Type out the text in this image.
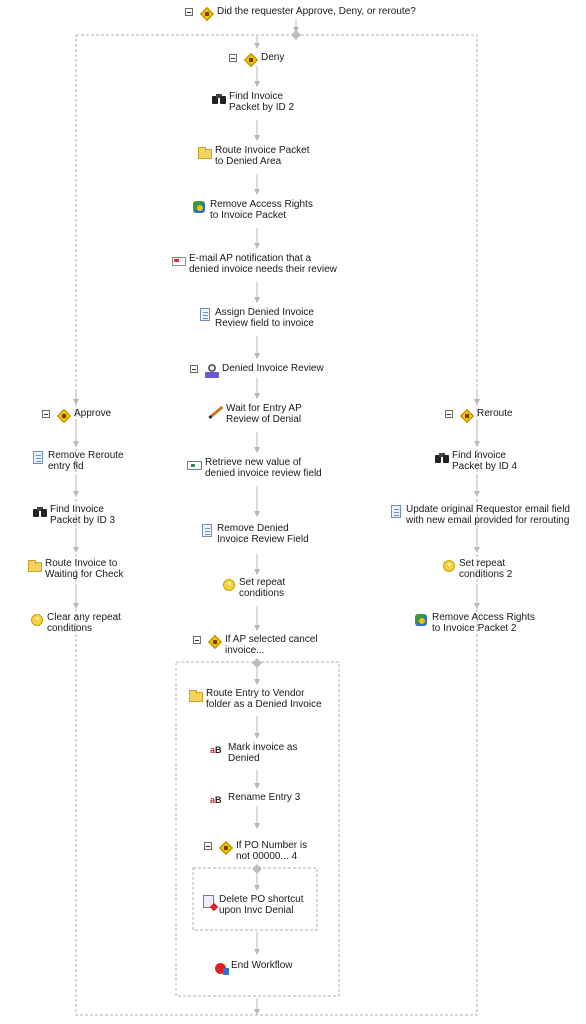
Did the requester Approve, Deny, or reroute?
Deny
Find Invoice
Packet by ID 2
Route Invoice Packet
to Denied Area
Remove Access Rights
to Invoice Packet
E-mail AP notification that a
denied invoice needs their review
Assign Denied Invoice
Review field to invoice
Denied Invoice Review
Wait for Entry AP
Review of Denial
Retrieve new value of
denied invoice review field
Remove Denied
Invoice Review Field
Set repeat
conditions
If AP selected cancel
invoice...
Route Entry to Vendor
folder as a Denied Invoice
aB Mark invoice as
Denied
aB Rename Entry 3
If PO Number is
not 00000... 4
Delete PO shortcut
upon Invc Denial
End Workflow
Approve
Remove Reroute
entry fld
Find Invoice
Packet by ID 3
Route Invoice to
Waiting for Check
Clear any repeat
conditions
Reroute
Find Invoice
Packet by ID 4
Update original Requestor email field
with new email provided for rerouting
Set repeat
conditions 2
Remove Access Rights
to Invoice Packet 2
